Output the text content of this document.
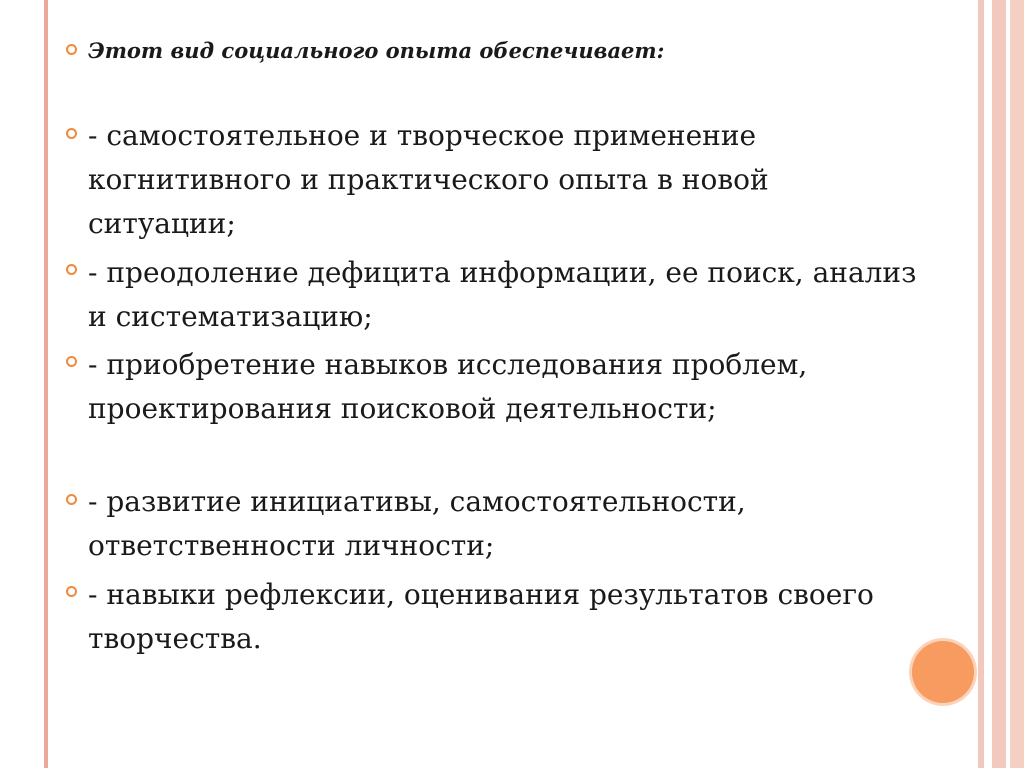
Этот вид социального опыта обеспечивает:
- самостоятельное и творческое применение когнитивного и практического опыта в новой ситуации;
- преодоление дефицита информации, ее поиск, анализ и систематизацию;
- приобретение навыков исследования проблем, проектирования поисковой деятельности;
- развитие инициативы, самостоятельности, ответственности личности;
- навыки рефлексии, оценивания результатов своего творчества.
